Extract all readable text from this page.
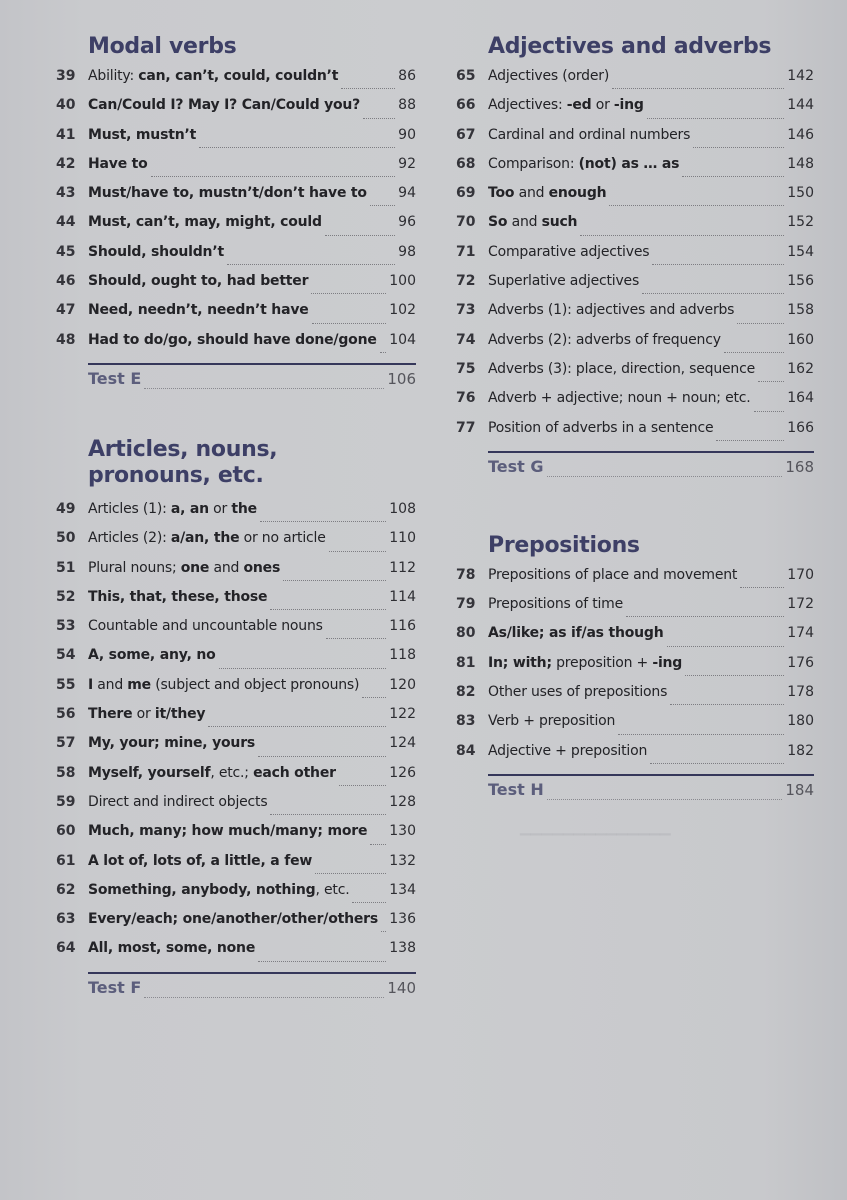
▁▁▁▁▁▁▁▁▁▁▁▁▁▁
Modal verbs
39 Ability: can, can’t, could, couldn’t	86
40 Can/Could I? May I? Can/Could you?	88
41 Must, mustn’t	90
42 Have to	92
43 Must/have to, mustn’t/don’t have to 94
44 Must, can’t, may, might, could	96
45 Should, shouldn’t	98
46 Should, ought to, had better	100
47 Need, needn’t, needn’t have	102
48 Had to do/go, should have done/gone 104
Test E	106
Articles, nouns,
pronouns, etc.
49 Articles (1): a, an or the	108
50 Articles (2): a/an, the or no article	110
51 Plural nouns; one and ones	112
52 This, that, these, those	114
53 Countable and uncountable nouns	116
54 A, some, any, no	118
55 I and me (subject and object pronouns) 120
56 There or it/they	122
57 My, your; mine, yours	124
58 Myself, yourself, etc.; each other	126
59 Direct and indirect objects	128
60 Much, many; how much/many; more 130
61 A lot of, lots of, a little, a few	132
62 Something, anybody, nothing, etc.	134
63 Every/each; one/another/other/others 136
64 All, most, some, none	138
Test F	140
Adjectives and adverbs
65 Adjectives (order)	142
66 Adjectives: -ed or -ing	144
67 Cardinal and ordinal numbers	146
68 Comparison: (not) as … as	148
69 Too and enough	150
70 So and such	152
71 Comparative adjectives	154
72 Superlative adjectives	156
73 Adverbs (1): adjectives and adverbs	158
74 Adverbs (2): adverbs of frequency	160
75 Adverbs (3): place, direction, sequence 162
76 Adverb + adjective; noun + noun; etc.	164
77 Position of adverbs in a sentence	166
Test G	168
Prepositions
78 Prepositions of place and movement	170
79 Prepositions of time	172
80 As/like; as if/as though	174
81 In; with; preposition + -ing	176
82 Other uses of prepositions	178
83 Verb + preposition	180
84 Adjective + preposition	182
Test H	184
